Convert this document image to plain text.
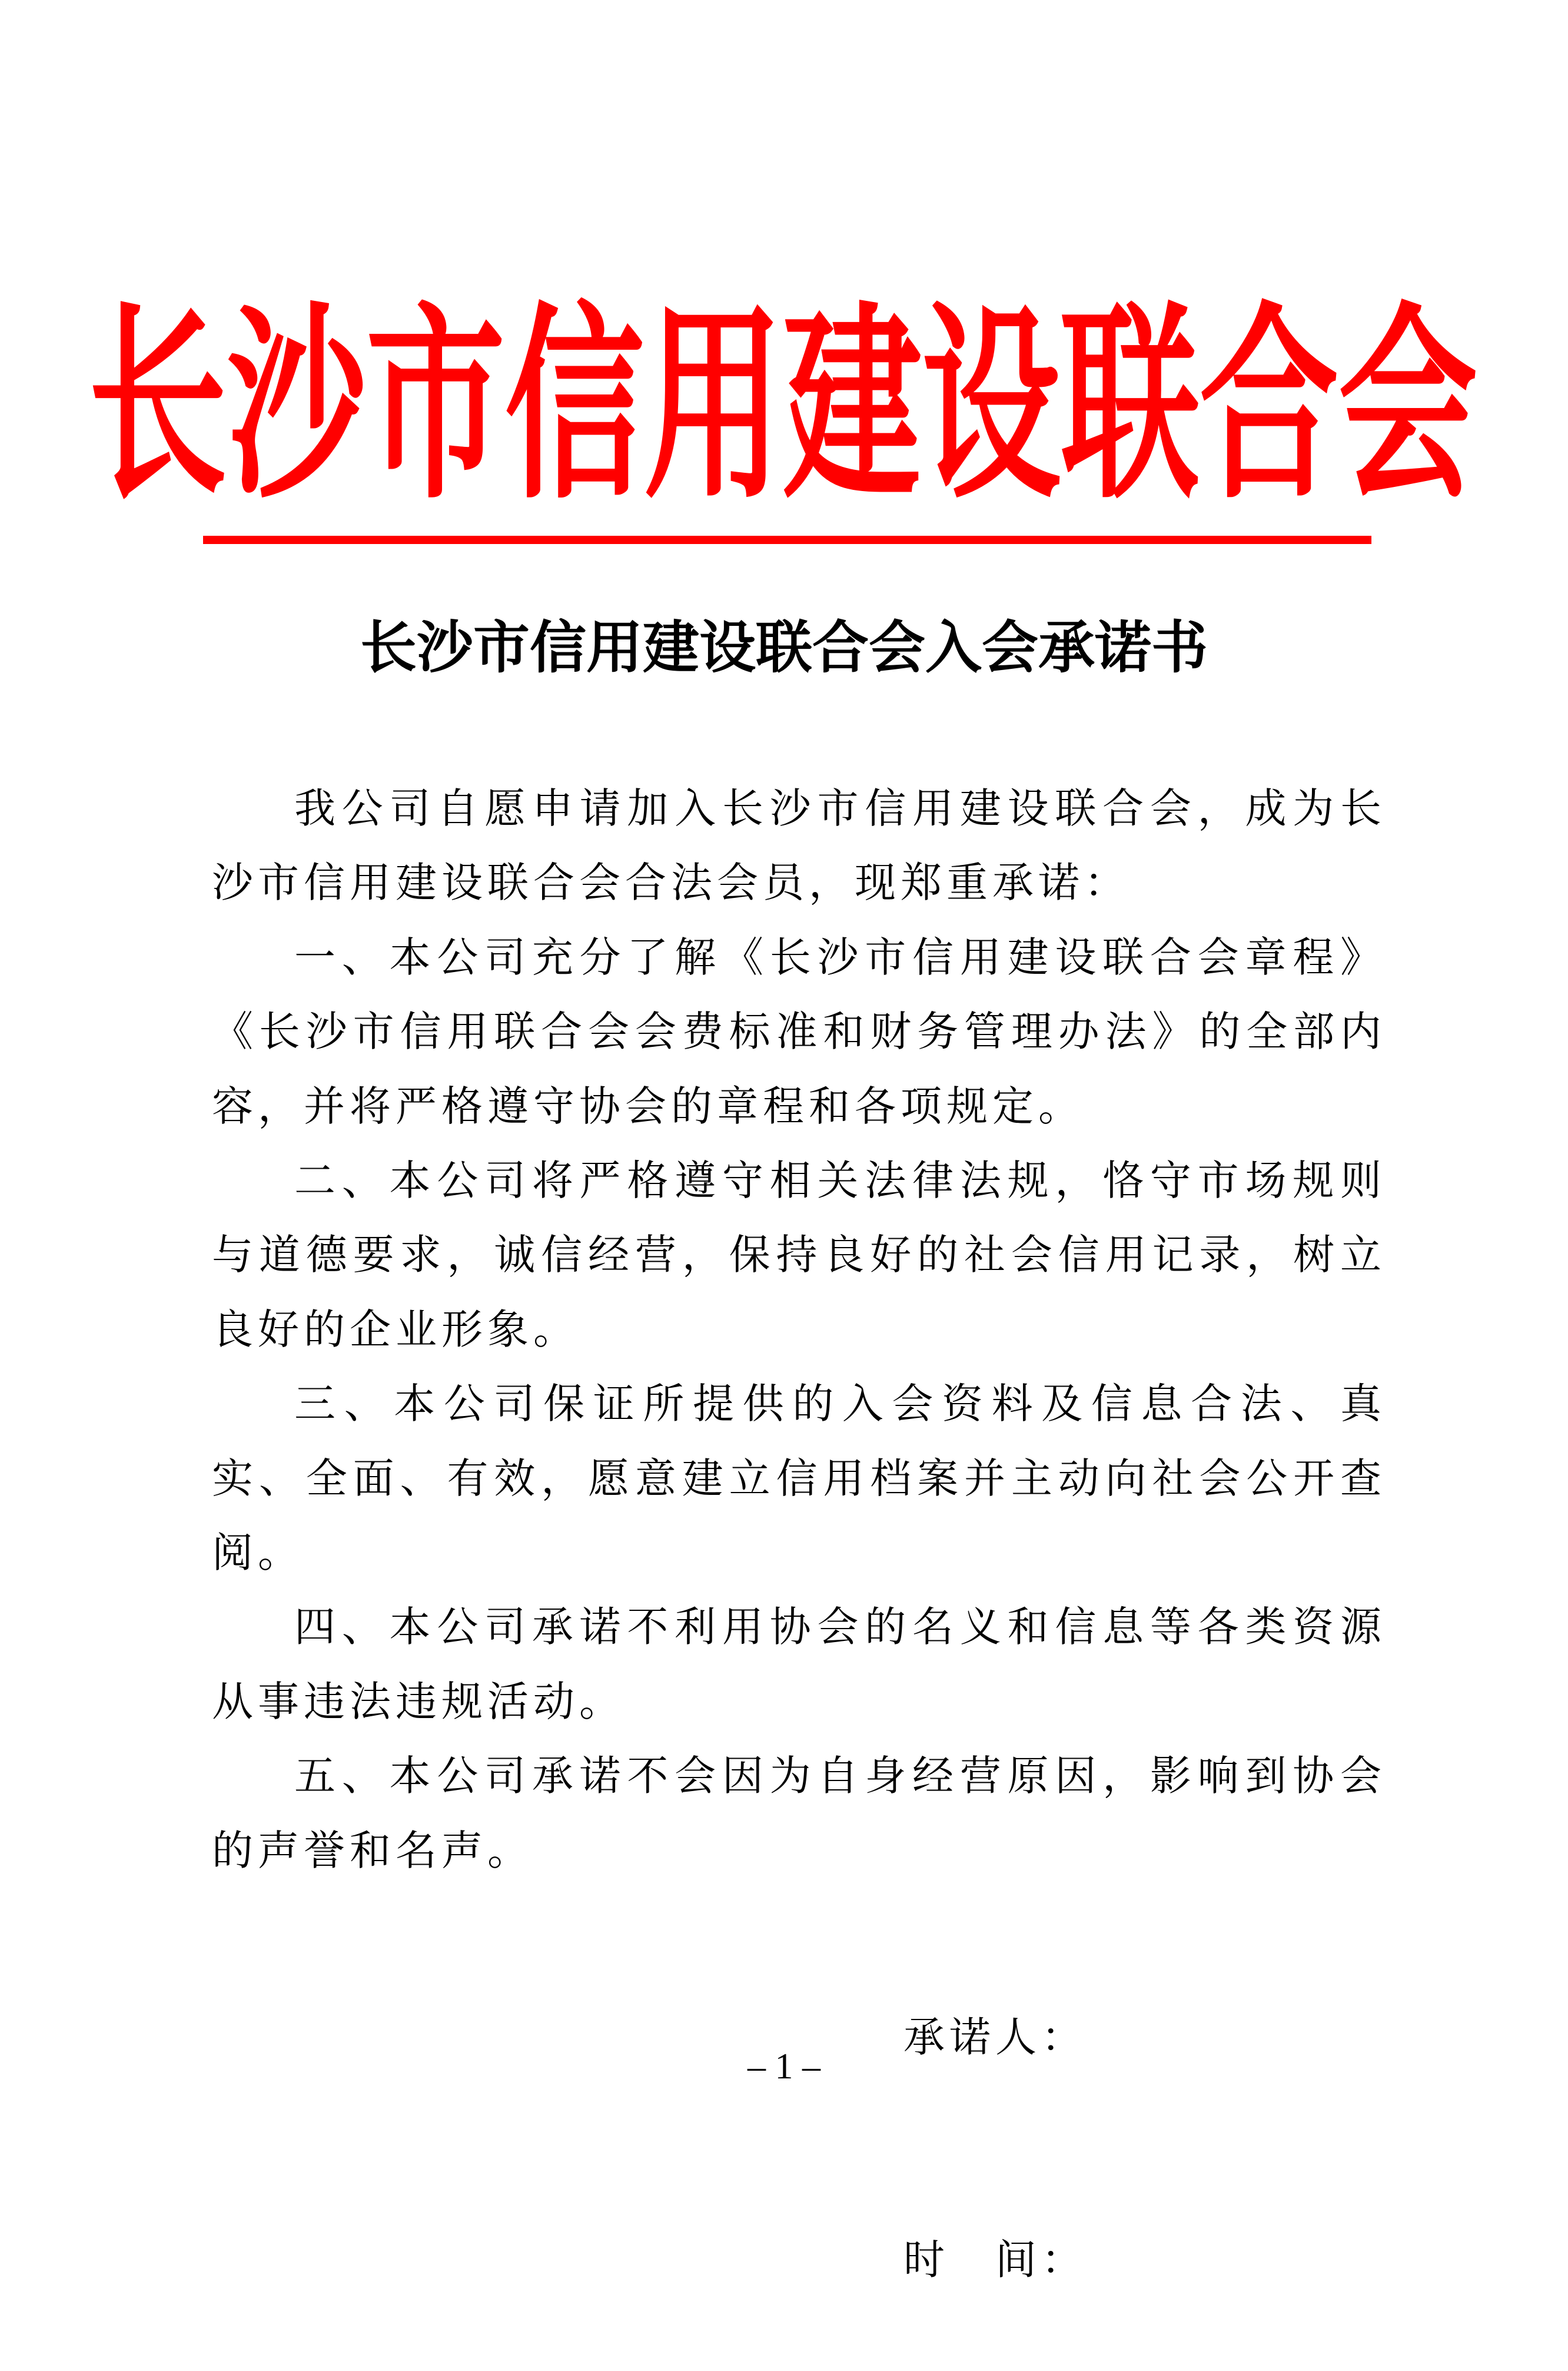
长沙市信用建设联合会
长沙市信用建设联合会入会承诺书

我公司自愿申请加入长沙市信用建设联合会，成为长沙市信用建设联合会合法会员，现郑重承诺：

一、本公司充分了解《长沙市信用建设联合会章程》《长沙市信用联合会会费标准和财务管理办法》的全部内容，并将严格遵守协会的章程和各项规定。

二、本公司将严格遵守相关法律法规，恪守市场规则与道德要求，诚信经营，保持良好的社会信用记录，树立良好的企业形象。

三、本公司保证所提供的入会资料及信息合法、真实、全面、有效，愿意建立信用档案并主动向社会公开查阅。

四、本公司承诺不利用协会的名义和信息等各类资源从事违法违规活动。

五、本公司承诺不会因为自身经营原因，影响到协会的声誉和名声。

承诺人：

时　间：

– 1 –
